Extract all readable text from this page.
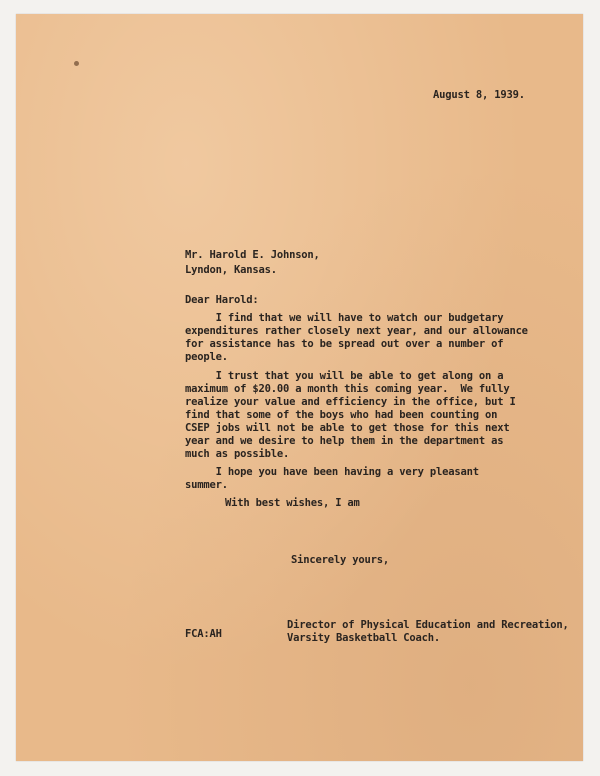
August 8, 1939.
Mr. Harold E. Johnson,
Lyndon, Kansas.
Dear Harold:
I find that we will have to watch our budgetary
expenditures rather closely next year, and our allowance
for assistance has to be spread out over a number of
people.
I trust that you will be able to get along on a
maximum of $20.00 a month this coming year.  We fully
realize your value and efficiency in the office, but I
find that some of the boys who had been counting on
CSEP jobs will not be able to get those for this next
year and we desire to help them in the department as
much as possible.
I hope you have been having a very pleasant
summer.
With best wishes, I am
Sincerely yours,
FCA:AH
Director of Physical Education and Recreation,
Varsity Basketball Coach.
